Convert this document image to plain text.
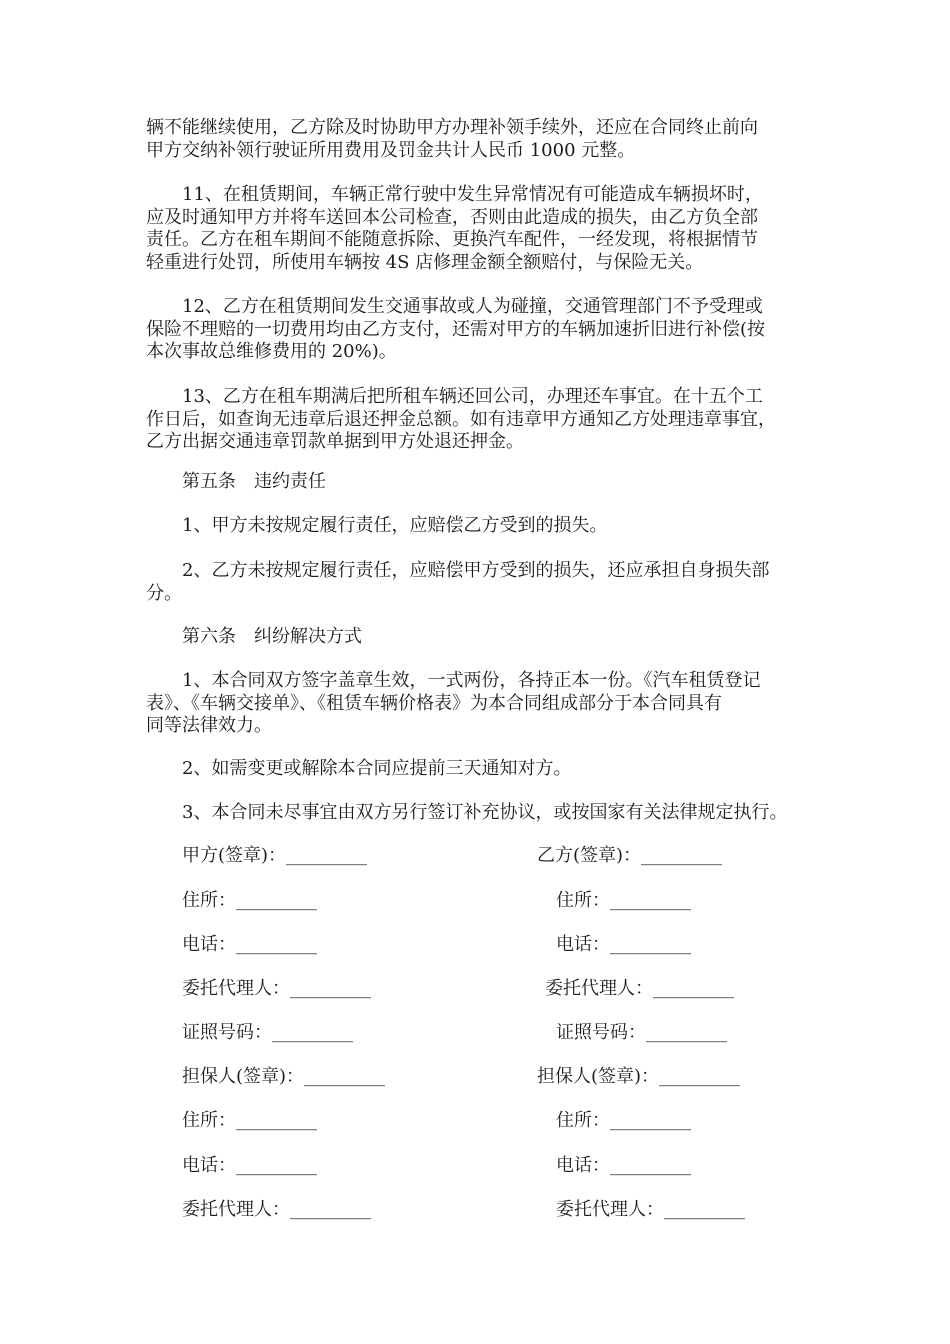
辆不能继续使用，乙方除及时协助甲方办理补领手续外，还应在合同终止前向
甲方交纳补领行驶证所用费用及罚金共计人民币 1000 元整。

11、在租赁期间，车辆正常行驶中发生异常情况有可能造成车辆损坏时，
应及时通知甲方并将车送回本公司检查，否则由此造成的损失，由乙方负全部
责任。乙方在租车期间不能随意拆除、更换汽车配件，一经发现，将根据情节
轻重进行处罚，所使用车辆按 4S 店修理金额全额赔付，与保险无关。

12、乙方在租赁期间发生交通事故或人为碰撞，交通管理部门不予受理或
保险不理赔的一切费用均由乙方支付，还需对甲方的车辆加速折旧进行补偿(按
本次事故总维修费用的 20%)。

13、乙方在租车期满后把所租车辆还回公司，办理还车事宜。在十五个工
作日后，如查询无违章后退还押金总额。如有违章甲方通知乙方处理违章事宜，
乙方出据交通违章罚款单据到甲方处退还押金。

第五条　违约责任

1、甲方未按规定履行责任，应赔偿乙方受到的损失。

2、乙方未按规定履行责任，应赔偿甲方受到的损失，还应承担自身损失部
分。

第六条　纠纷解决方式

1、本合同双方签字盖章生效，一式两份，各持正本一份。《汽车租赁登记
表》、《车辆交接单》、《租赁车辆价格表》为本合同组成部分于本合同具有
同等法律效力。

2、如需变更或解除本合同应提前三天通知对方。

3、本合同未尽事宜由双方另行签订补充协议，或按国家有关法律规定执行。

甲方(签章)：_________

住所：_________

电话：_________

委托代理人：_________

证照号码：_________

担保人(签章)：_________

住所：_________

电话：_________

委托代理人：_________

乙方(签章)：_________

住所：_________

电话：_________

委托代理人：_________

证照号码：_________

担保人(签章)：_________

住所：_________

电话：_________

委托代理人：_________
